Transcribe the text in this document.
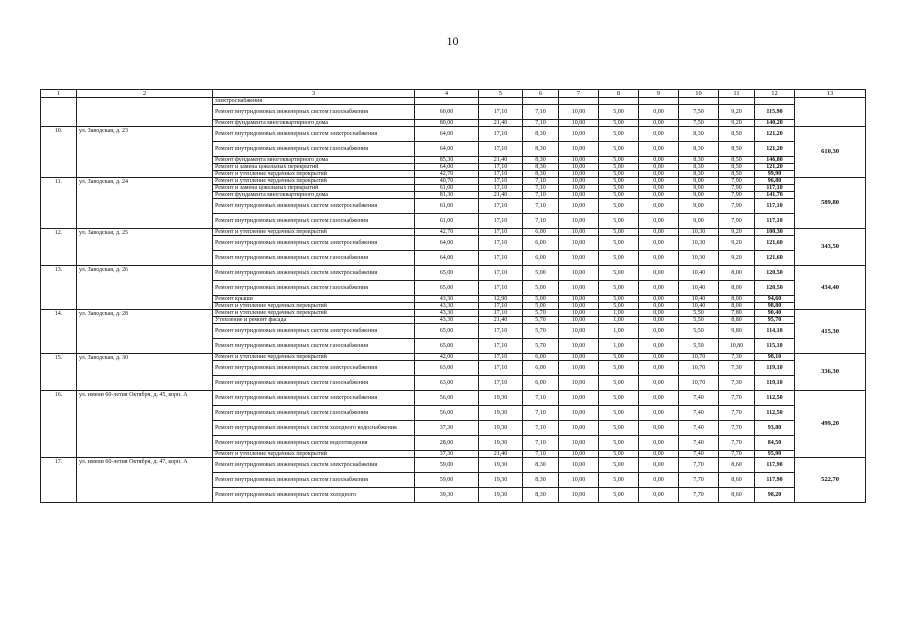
10
1	2	3	4	5	6	7	8	9	10	11	12	13
		электроснабжения										
		Ремонт внутридомовых инженерных систем газоснабжения	60,00	17,10	7,10	10,00	5,00	0,00	7,50	9,20	115,90	
		Ремонт фундамента многоквартирного дома	80,00	21,40	7,10	10,00	5,00	0,00	7,50	9,20	140,20	
10.	ул. Заводская, д. 23	Ремонт внутридомовых инженерных систем электроснабжения	64,00	17,10	8,30	10,00	5,00	0,00	8,30	8,50	121,20	610,30
		Ремонт внутридомовых инженерных систем газоснабжения	64,00	17,10	8,30	10,00	5,00	0,00	8,30	8,50	121,20	
		Ремонт фундамента многоквартирного дома	85,30	21,40	8,30	10,00	5,00	0,00	8,30	8,50	146,80	
		Ремонт и замена цокольных перекрытий	64,00	17,10	8,30	10,00	5,00	0,00	8,30	8,50	121,20	
		Ремонт и утепление чердачных перекрытий	42,70	17,10	8,30	10,00	5,00	0,00	8,30	8,50	99,90	
11.	ул. Заводская, д. 24	Ремонт и утепление чердачных перекрытий	40,70	17,10	7,10	10,00	5,00	0,00	9,00	7,90	96,80	589,80
		Ремонт и замена цокольных перекрытий	61,00	17,10	7,10	10,00	5,00	0,00	9,00	7,90	117,10	
		Ремонт фундамента многоквартирного дома	81,30	21,40	7,10	10,00	5,00	0,00	9,00	7,90	141,70	
		Ремонт внутридомовых инженерных систем электроснабжения	61,00	17,10	7,10	10,00	5,00	0,00	9,00	7,90	117,10	
		Ремонт внутридомовых инженерных систем газоснабжения	61,00	17,10	7,10	10,00	5,00	0,00	9,00	7,90	117,10	
12.	ул. Заводская, д. 25	Ремонт и утепление чердачных перекрытий	42,70	17,10	6,00	10,00	5,00	0,00	10,30	9,20	100,30	343,50
		Ремонт внутридомовых инженерных систем электроснабжения	64,00	17,10	6,00	10,00	5,00	0,00	10,30	9,20	121,60	
		Ремонт внутридомовых инженерных систем газоснабжения	64,00	17,10	6,00	10,00	5,00	0,00	10,30	9,20	121,60	
13.	ул. Заводская, д. 26	Ремонт внутридомовых инженерных систем электроснабжения	65,00	17,10	5,00	10,00	5,00	0,00	10,40	8,00	120,50	434,40
		Ремонт внутридомовых инженерных систем газоснабжения	65,00	17,10	5,00	10,00	5,00	0,00	10,40	8,00	120,50	
		Ремонт крыши	43,30	12,90	5,00	10,00	5,00	0,00	10,40	8,00	94,60	
		Ремонт и утепление чердачных перекрытий	43,30	17,10	5,00	10,00	5,00	0,00	10,40	8,00	98,80	
14.	ул. Заводская, д. 28	Ремонт и утепление чердачных перекрытий	43,30	17,10	5,70	10,00	1,00	0,00	5,50	7,80	90,40	415,30
		Утепление и ремонт фасада	43,30	21,40	5,70	10,00	1,00	0,00	5,50	8,80	95,70	
		Ремонт внутридомовых инженерных систем электроснабжения	65,00	17,10	5,70	10,00	1,00	0,00	5,50	9,80	114,10	
		Ремонт внутридомовых инженерных систем газоснабжения	65,00	17,10	5,70	10,00	1,00	0,00	5,50	10,80	115,10	
15.	ул. Заводская, д. 30	Ремонт и утепление чердачных перекрытий	42,00	17,10	6,00	10,00	5,00	0,00	10,70	7,30	98,10	336,30
		Ремонт внутридомовых инженерных систем электроснабжения	63,00	17,10	6,00	10,00	5,00	0,00	10,70	7,30	119,10	
		Ремонт внутридомовых инженерных систем газоснабжения	63,00	17,10	6,00	10,00	5,00	0,00	10,70	7,30	119,10	
16.	ул. имени 60-летия Октября, д. 45, корп. А	Ремонт внутридомовых инженерных систем электроснабжения	56,00	19,30	7,10	10,00	5,00	0,00	7,40	7,70	112,50	499,20
		Ремонт внутридомовых инженерных систем газоснабжения	56,00	19,30	7,10	10,00	5,00	0,00	7,40	7,70	112,50	
		Ремонт внутридомовых инженерных систем холодного водоснабжения	37,30	19,30	7,10	10,00	5,00	0,00	7,40	7,70	93,80	
		Ремонт внутридомовых инженерных систем водоотведения	28,00	19,30	7,10	10,00	5,00	0,00	7,40	7,70	84,50	
		Ремонт и утепление чердачных перекрытий	37,30	21,40	7,10	10,00	5,00	0,00	7,40	7,70	95,90	
17.	ул. имени 60-летия Октября, д. 47, корп. А	Ремонт внутридомовых инженерных систем электроснабжения	59,00	19,30	8,30	10,00	5,00	0,00	7,70	8,60	117,90	522,70
		Ремонт внутридомовых инженерных систем газоснабжения	59,00	19,30	8,30	10,00	5,00	0,00	7,70	8,60	117,90	
		Ремонт внутридомовых инженерных систем холодного	39,30	19,30	8,30	10,00	5,00	0,00	7,70	8,60	98,20	
